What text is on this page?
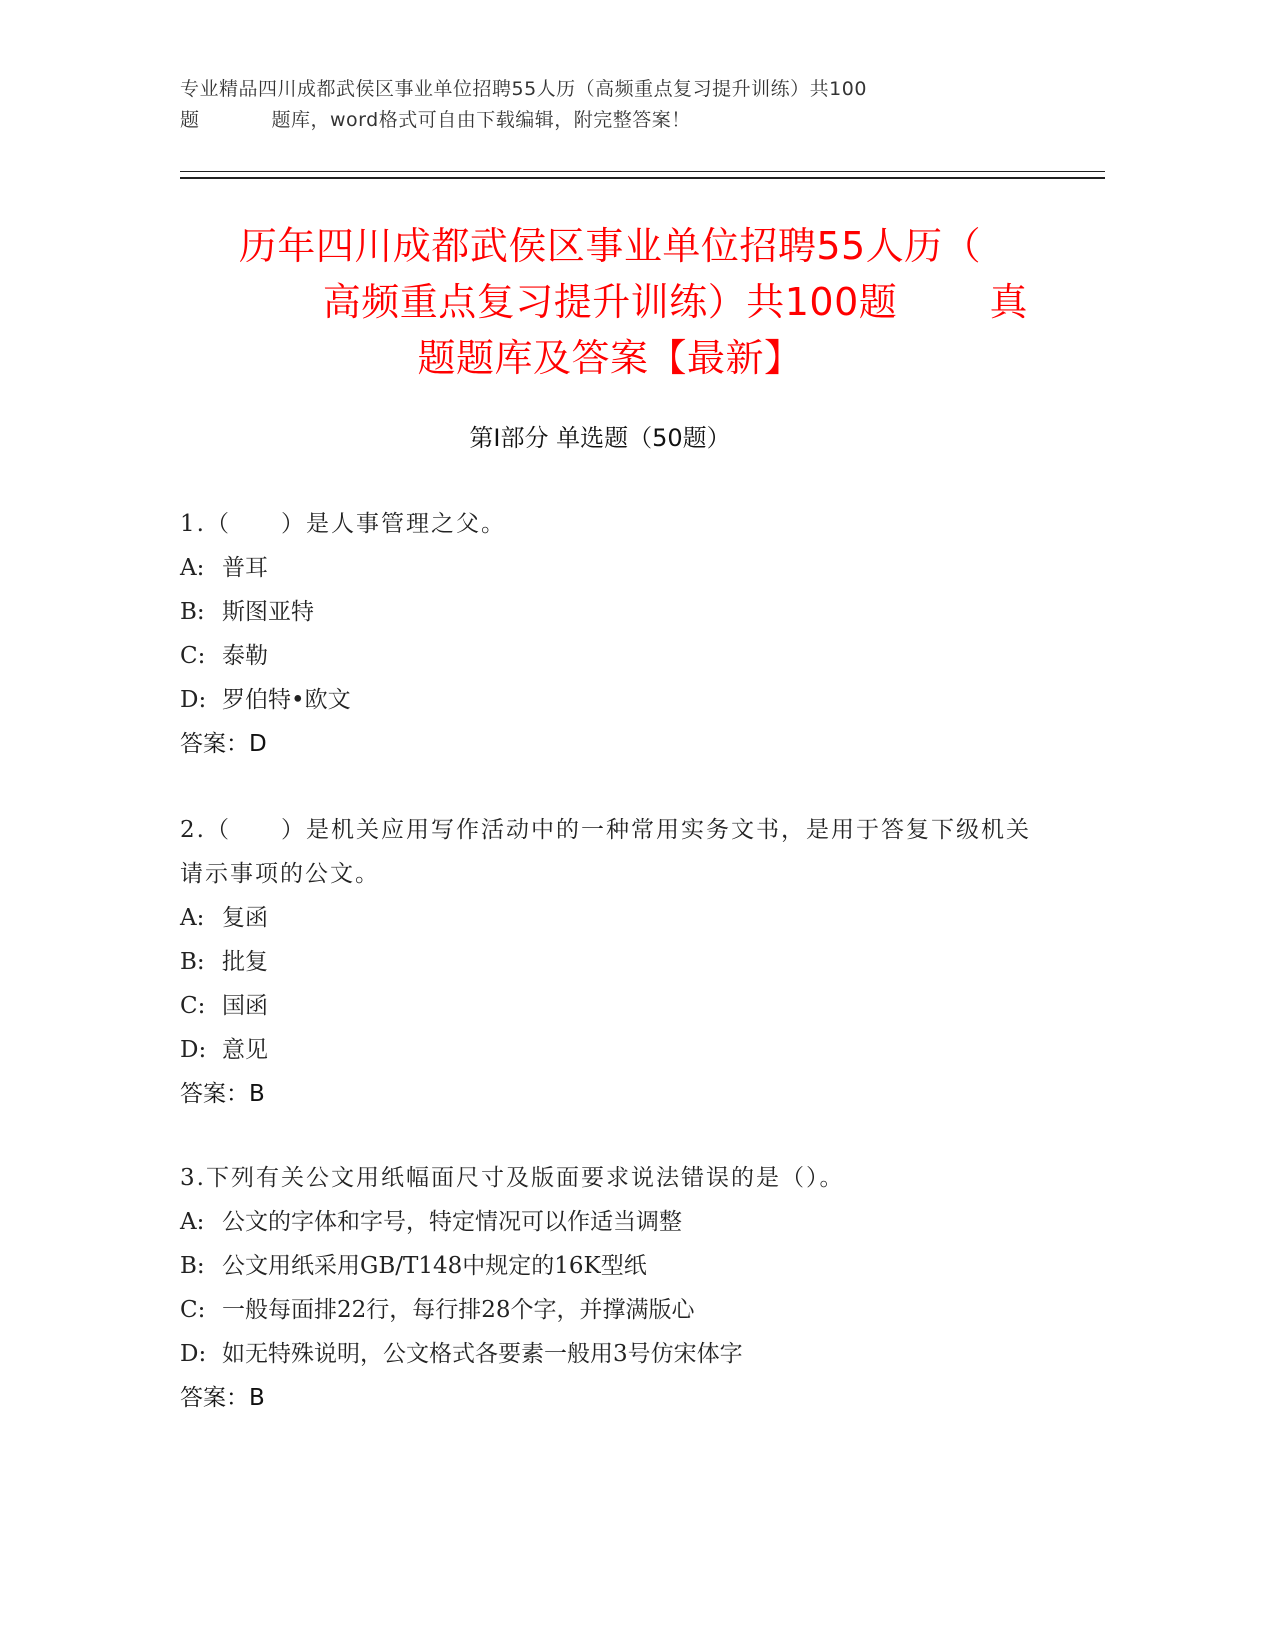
专业精品四川成都武侯区事业单位招聘55人历（高频重点复习提升训练）共100
题	题库，word格式可自由下载编辑，附完整答案！
历年四川成都武侯区事业单位招聘55人历（
高频重点复习提升训练）共100题 真
题题库及答案【最新】
第Ⅰ部分 单选题（50题）
1.（　　）是人事管理之父。
A: 普耳
B: 斯图亚特
C: 泰勒
D: 罗伯特•欧文
答案：D
2.（　　）是机关应用写作活动中的一种常用实务文书，是用于答复下级机关请示事项的公文。
A: 复函
B: 批复
C: 国函
D: 意见
答案：B
3.下列有关公文用纸幅面尺寸及版面要求说法错误的是（）。
A: 公文的字体和字号，特定情况可以作适当调整
B: 公文用纸采用GB/T148中规定的16K型纸
C: 一般每面排22行，每行排28个字，并撑满版心
D: 如无特殊说明，公文格式各要素一般用3号仿宋体字
答案：B
